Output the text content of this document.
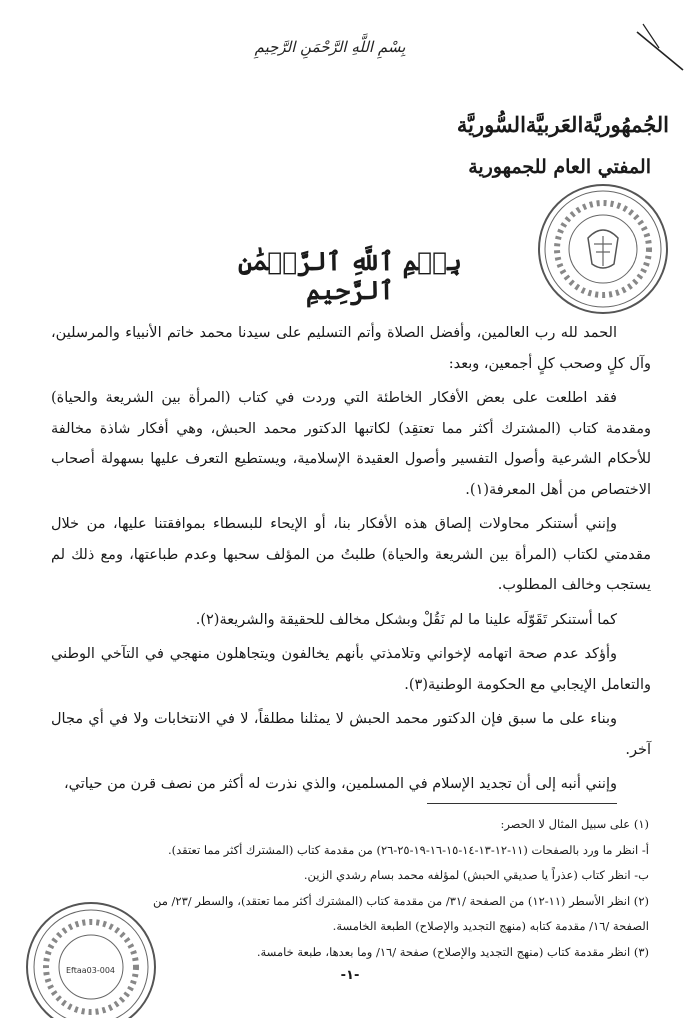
بِسْمِ اللَّهِ الرَّحْمَنِ الرَّحِيمِ
الجُمهُوريَّةالعَربيَّةالسُّوريَّة
المفتي العام للجمهورية
بِسۡمِ ٱللَّهِ ٱلرَّحۡمَٰنِ ٱلرَّحِيمِ

الحمد لله رب العالمين، وأفضل الصلاة وأتم التسليم على سيدنا محمد خاتم الأنبياء والمرسلين، وآل كلٍ وصحب كلٍ أجمعين، وبعد:

فقد اطلعت على بعض الأفكار الخاطئة التي وردت في كتاب (المرأة بين الشريعة والحياة) ومقدمة كتاب (المشترك أكثر مما تعتقِد) لكاتبها الدكتور محمد الحبش، وهي أفكار شاذة مخالفة للأحكام الشرعية وأصول التفسير وأصول العقيدة الإسلامية، ويستطيع التعرف عليها بسهولة أصحاب الاختصاص من أهل المعرفة(١).

وإنني أستنكر محاولات إلصاق هذه الأفكار بنا، أو الإيحاء للبسطاء بموافقتنا عليها، من خلال مقدمتي لكتاب (المرأة بين الشريعة والحياة) طلبتُ من المؤلف سحبها وعدم طباعتها، ومع ذلك لم يستجب وخالف المطلوب.

كما أستنكر تَقَوّلَه علينا ما لم نَقُلْ وبشكل مخالف للحقيقة والشريعة(٢).

وأؤكد عدم صحة اتهامه لإخواني وتلامذتي بأنهم يخالفون ويتجاهلون منهجي في التآخي الوطني والتعامل الإيجابي مع الحكومة الوطنية(٣).

وبناء على ما سبق فإن الدكتور محمد الحبش لا يمثلنا مطلقاً، لا في الانتخابات ولا في أي مجال آخر.

وإنني أنبه إلى أن تجديد الإسلام في المسلمين، والذي نذرت له أكثر من نصف قرن من حياتي،

(١) على سبيل المثال لا الحصر:
أ- انظر ما ورد بالصفحات (١١-١٢-١٣-١٤-١٥-١٦-١٩-٢٥-٢٦) من مقدمة كتاب (المشترك أكثر مما تعتقد).
ب- انظر كتاب (عذراً يا صديقي الحبش) لمؤلفه محمد بسام رشدي الزين.
(٢) انظر الأسطر (١١-١٢) من الصفحة /٣١/ من مقدمة كتاب (المشترك أكثر مما تعتقد)، والسطر /٢٣/ من
الصفحة /١٦/ مقدمة كتابه (منهج التجديد والإصلاح) الطبعة الخامسة.
(٣) انظر مقدمة كتاب (منهج التجديد والإصلاح) صفحة /١٦/ وما بعدها، طبعة خامسة.
Eftaa03-004	-١-
